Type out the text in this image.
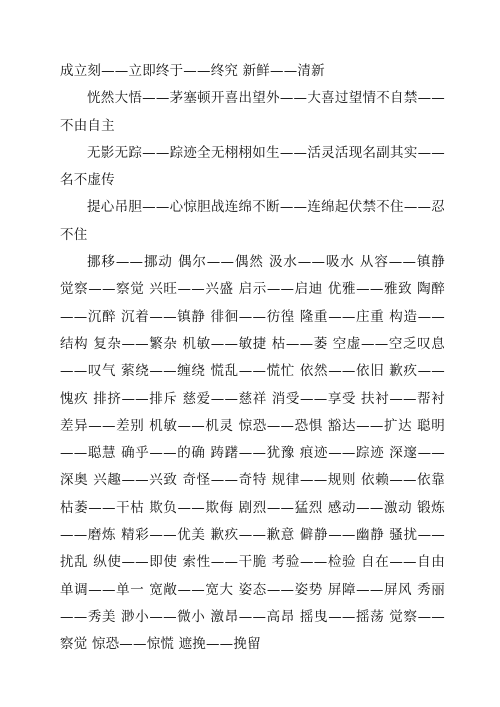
成立刻——立即终于——终究 新鲜——清新

恍然大悟——茅塞顿开喜出望外——大喜过望情不自禁——不由自主

无影无踪——踪迹全无栩栩如生——活灵活现名副其实——名不虚传

提心吊胆——心惊胆战连绵不断——连绵起伏禁不住——忍不住

挪移——挪动 偶尔——偶然 汲水——吸水 从容——镇静 觉察——察觉 兴旺——兴盛 启示——启迪 优雅——雅致 陶醉——沉醉 沉着——镇静 徘徊——彷徨 隆重——庄重 构造——结构 复杂——繁杂 机敏——敏捷 枯——萎 空虚——空乏叹息——叹气 萦绕——缠绕 慌乱——慌忙 依然——依旧 歉疚——愧疚 排挤——排斥 慈爱——慈祥 消受——享受 扶衬——帮衬 差异——差别 机敏——机灵 惊恐——恐惧 豁达——扩达 聪明——聪慧 确乎——的确 踌躇——犹豫 痕迹——踪迹 深邃——深奥 兴趣——兴致 奇怪——奇特 规律——规则 依赖——依靠 枯萎——干枯 欺负——欺侮 剧烈——猛烈 感动——激动 锻炼——磨炼 精彩——优美 歉疚——歉意 僻静——幽静 骚扰——扰乱 纵使——即使 索性——干脆 考验——检验 自在——自由 单调——单一 宽敞——宽大 姿态——姿势 屏障——屏风 秀丽——秀美 渺小——微小 激昂——高昂 摇曳——摇荡 觉察——察觉 惊恐——惊慌 遮挽——挽留
